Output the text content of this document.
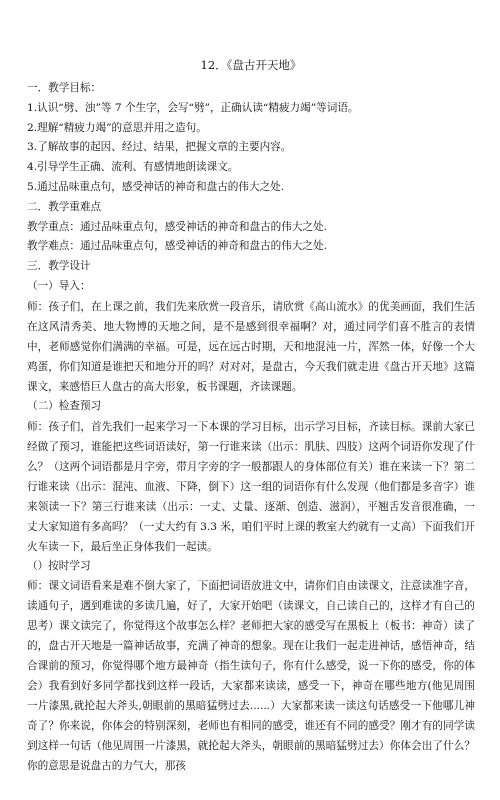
12．《盘古开天地》

一．教学目标：

1.认识“劈、浊”等 7 个生字，会写“劈”，正确认读“精疲力竭”等词语。

2.理解“精疲力竭”的意思并用之造句。

3.了解故事的起因、经过、结果，把握文章的主要内容。

4.引导学生正确、流利、有感情地朗读课文。

5.通过品味重点句，感受神话的神奇和盘古的伟大之处.

二．教学重难点

教学重点：通过品味重点句，感受神话的神奇和盘古的伟大之处.

教学难点：通过品味重点句，感受神话的神奇和盘古的伟大之处.

三．教学设计

（一）导入：

师：孩子们，在上课之前，我们先来欣赏一段音乐，请欣赏《高山流水》的优美画面，我们生活在这风清秀美、地大物博的天地之间，是不是感到很幸福啊？对，通过同学们喜不胜言的表情中，老师感觉你们满满的幸福。可是，远在远古时期，天和地混沌一片，浑然一体，好像一个大鸡蛋，你们知道是谁把天和地分开的吗？对对对，是盘古，今天我们就走进《盘古开天地》这篇课文，来感悟巨人盘古的高大形象，板书课题，齐读课题。

（二）检查预习

师：孩子们，首先我们一起来学习一下本课的学习目标，出示学习目标，齐读目标。课前大家已经做了预习，谁能把这些词语读好，第一行谁来读（出示：肌肤、四肢）这两个词语你发现了什么？（这两个词语都是月字旁，带月字旁的字一般都跟人的身体部位有关）谁在来读一下？第二行谁来读（出示：混沌、血液、下降，倒下）这一组的词语你有什么发现（他们都是多音字）谁来领读一下？第三行谁来读（出示：一丈、丈量、逐渐、创造、滋润），平翘舌发音很准确，一丈大家知道有多高吗？（一丈大约有 3.3 米，咱们平时上课的教室大约就有一丈高）下面我们开火车读一下，最后坐正身体我们一起读。

（）按时学习

师：课文词语看来是难不倒大家了，下面把词语放进文中，请你们自由读课文，注意读准字音，读通句子，遇到难读的多读几遍，好了，大家开始吧（读课文，自己读自己的，这样才有自己的思考）课文读完了，你觉得这个故事怎么样？老师把大家的感受写在黑板上（板书：神奇）读了的，盘古开天地是一篇神话故事，充满了神奇的想象。现在让我们一起走进神话，感悟神奇，结合课前的预习，你觉得哪个地方最神奇（指生读句子，你有什么感受，说一下你的感受，你的体会）我看到好多同学都找到这样一段话，大家都来读读，感受一下，神奇在哪些地方(他见周围一片漆黑,就抡起大斧头,朝眼前的黑暗猛劈过去......）大家都来读一读这句话感受一下他哪儿神奇了？你来说，你体会的特别深刻，老师也有相同的感受，谁还有不同的感受？刚才有的同学读到这样一句话（他见周围一片漆黑，就抡起大斧头，朝眼前的黑暗猛劈过去）你体会出了什么？你的意思是说盘古的力气大，那孩
